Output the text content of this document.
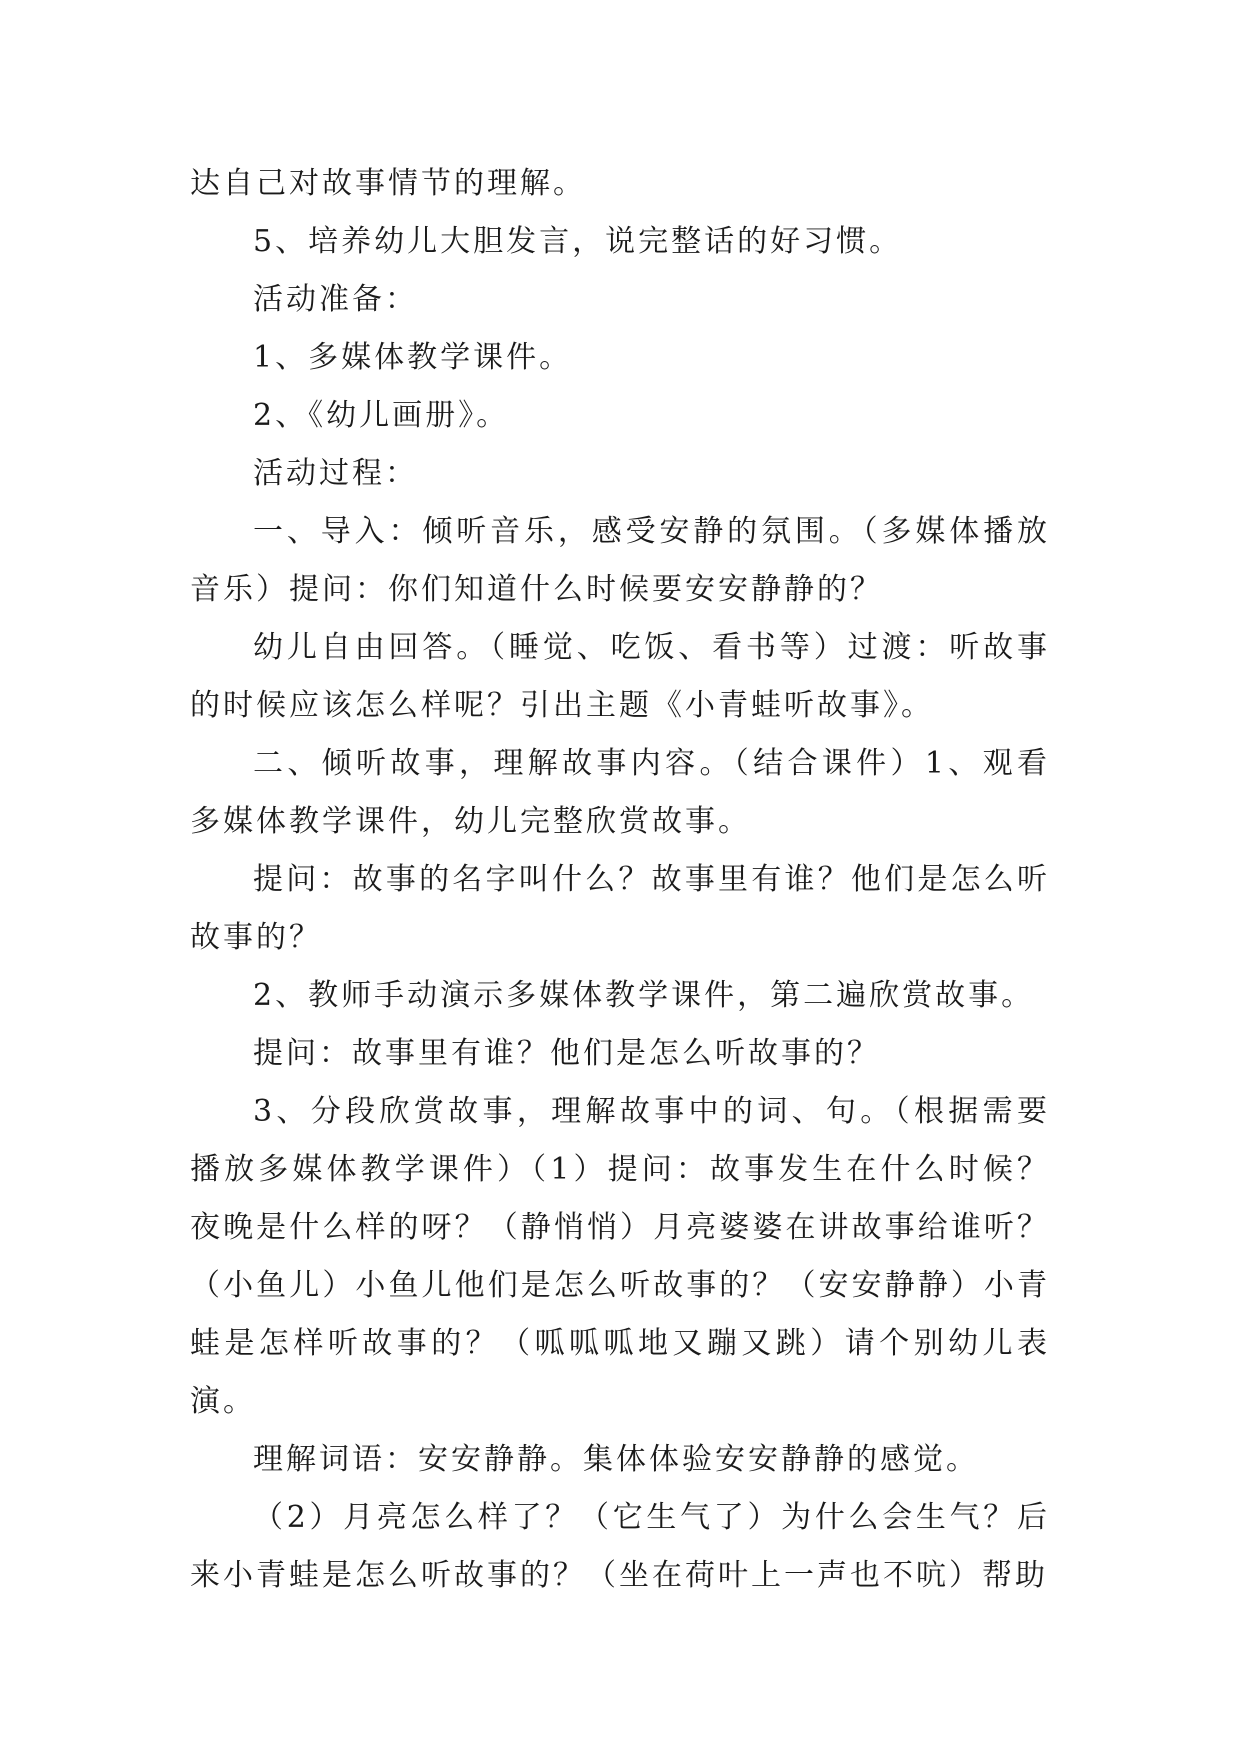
达自己对故事情节的理解。

5、培养幼儿大胆发言，说完整话的好习惯。

活动准备：

1、多媒体教学课件。

2、《幼儿画册》。

活动过程：

一、导入：倾听音乐，感受安静的氛围。（多媒体播放音乐）提问：你们知道什么时候要安安静静的？

幼儿自由回答。（睡觉、吃饭、看书等）过渡：听故事的时候应该怎么样呢？引出主题《小青蛙听故事》。

二、倾听故事，理解故事内容。（结合课件）1、观看多媒体教学课件，幼儿完整欣赏故事。

提问：故事的名字叫什么？故事里有谁？他们是怎么听故事的？

2、教师手动演示多媒体教学课件，第二遍欣赏故事。

提问：故事里有谁？他们是怎么听故事的？

3、分段欣赏故事，理解故事中的词、句。（根据需要播放多媒体教学课件）（1）提问：故事发生在什么时候？夜晚是什么样的呀？（静悄悄）月亮婆婆在讲故事给谁听？（小鱼儿）小鱼儿他们是怎么听故事的？（安安静静）小青蛙是怎样听故事的？（呱呱呱地又蹦又跳）请个别幼儿表演。

理解词语：安安静静。集体体验安安静静的感觉。

（2）月亮怎么样了？（它生气了）为什么会生气？后来小青蛙是怎么听故事的？（坐在荷叶上一声也不吭）帮助
